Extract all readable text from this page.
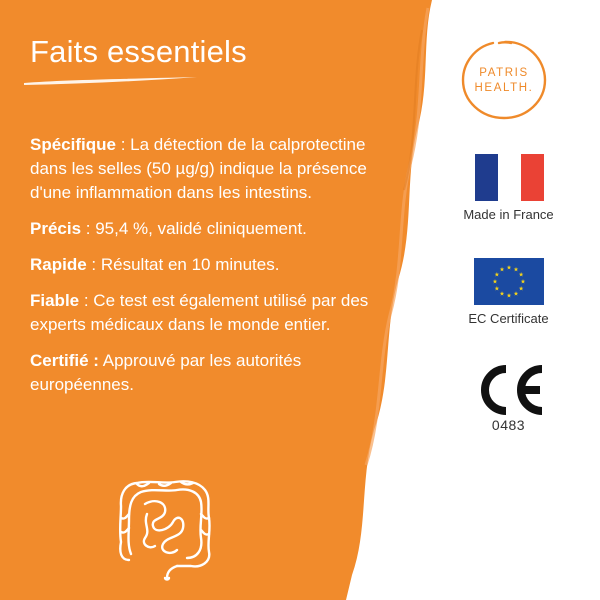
Faits essentiels

Spécifique : La détection de la calprotectine dans les selles (50 µg/g) indique la présence d'une inflammation dans les intestins.

Précis : 95,4 %, validé cliniquement.

Rapide : Résultat en 10 minutes.

Fiable : Ce test est également utilisé par des experts médicaux dans le monde entier.

Certifié : Approuvé par les autorités européennes.

PATRIS
HEALTH.
Made in France
EC Certificate
0483
